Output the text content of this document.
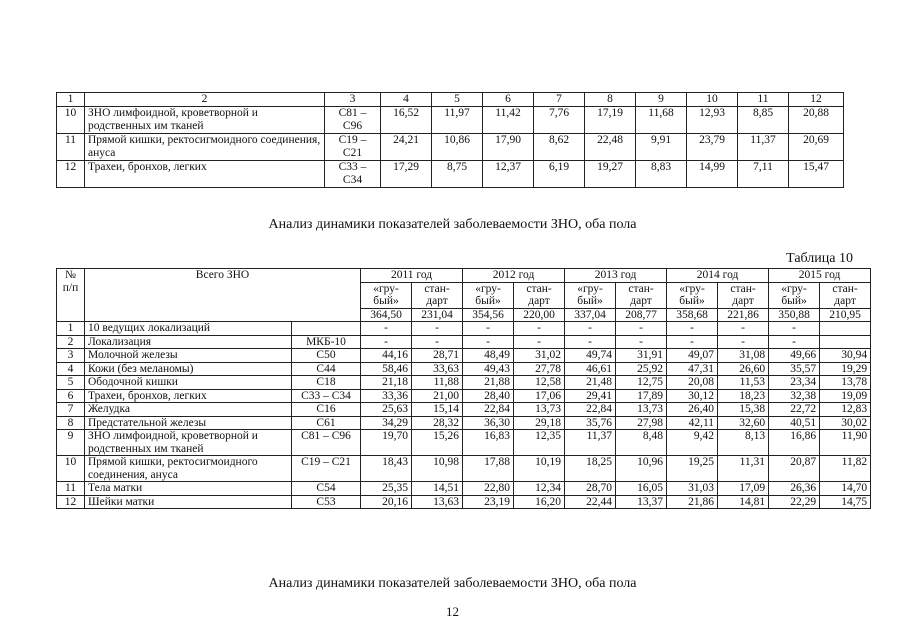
1	2	3	4	5	6	7	8	9	10	11	12
10	ЗНО лимфоидной, кроветворной и родственных им тканей	С81 – С96	16,52	11,97	11,42	7,76	17,19	11,68	12,93	8,85	20,88
11	Прямой кишки, ректосигмоидного соединения, ануса	С19 – С21	24,21	10,86	17,90	8,62	22,48	9,91	23,79	11,37	20,69
12	Трахеи, бронхов, легких	С33 – С34	17,29	8,75	12,37	6,19	19,27	8,83	14,99	7,11	15,47
Анализ динамики показателей заболеваемости ЗНО, оба пола
Таблица 10
№ п/п	Всего ЗНО		2011 год		2012 год		2013 год		2014 год		2015 год	
			«гру-бый»	стан-дарт	«гру-бый»	стан-дарт	«гру-бый»	стан-дарт	«гру-бый»	стан-дарт	«гру-бый»	стан-дарт
			364,50	231,04	354,56	220,00	337,04	208,77	358,68	221,86	350,88	210,95
1	10 ведущих локализаций		-	-	-	-	-	-	-	-	-	
2	Локализация	МКБ-10	-	-	-	-	-	-	-	-	-	
3	Молочной железы	С50	44,16	28,71	48,49	31,02	49,74	31,91	49,07	31,08	49,66	30,94
4	Кожи (без меланомы)	С44	58,46	33,63	49,43	27,78	46,61	25,92	47,31	26,60	35,57	19,29
5	Ободочной кишки	С18	21,18	11,88	21,88	12,58	21,48	12,75	20,08	11,53	23,34	13,78
6	Трахеи, бронхов, легких	С33 – С34	33,36	21,00	28,40	17,06	29,41	17,89	30,12	18,23	32,38	19,09
7	Желудка	С16	25,63	15,14	22,84	13,73	22,84	13,73	26,40	15,38	22,72	12,83
8	Предстательной железы	С61	34,29	28,32	36,30	29,18	35,76	27,98	42,11	32,60	40,51	30,02
9	ЗНО лимфоидной, кроветворной и родственных им тканей	С81 – С96	19,70	15,26	16,83	12,35	11,37	8,48	9,42	8,13	16,86	11,90
10	Прямой кишки, ректосигмоидного соединения, ануса	С19 – С21	18,43	10,98	17,88	10,19	18,25	10,96	19,25	11,31	20,87	11,82
11	Тела матки	С54	25,35	14,51	22,80	12,34	28,70	16,05	31,03	17,09	26,36	14,70
12	Шейки матки	С53	20,16	13,63	23,19	16,20	22,44	13,37	21,86	14,81	22,29	14,75
Анализ динамики показателей заболеваемости ЗНО, оба пола
12
